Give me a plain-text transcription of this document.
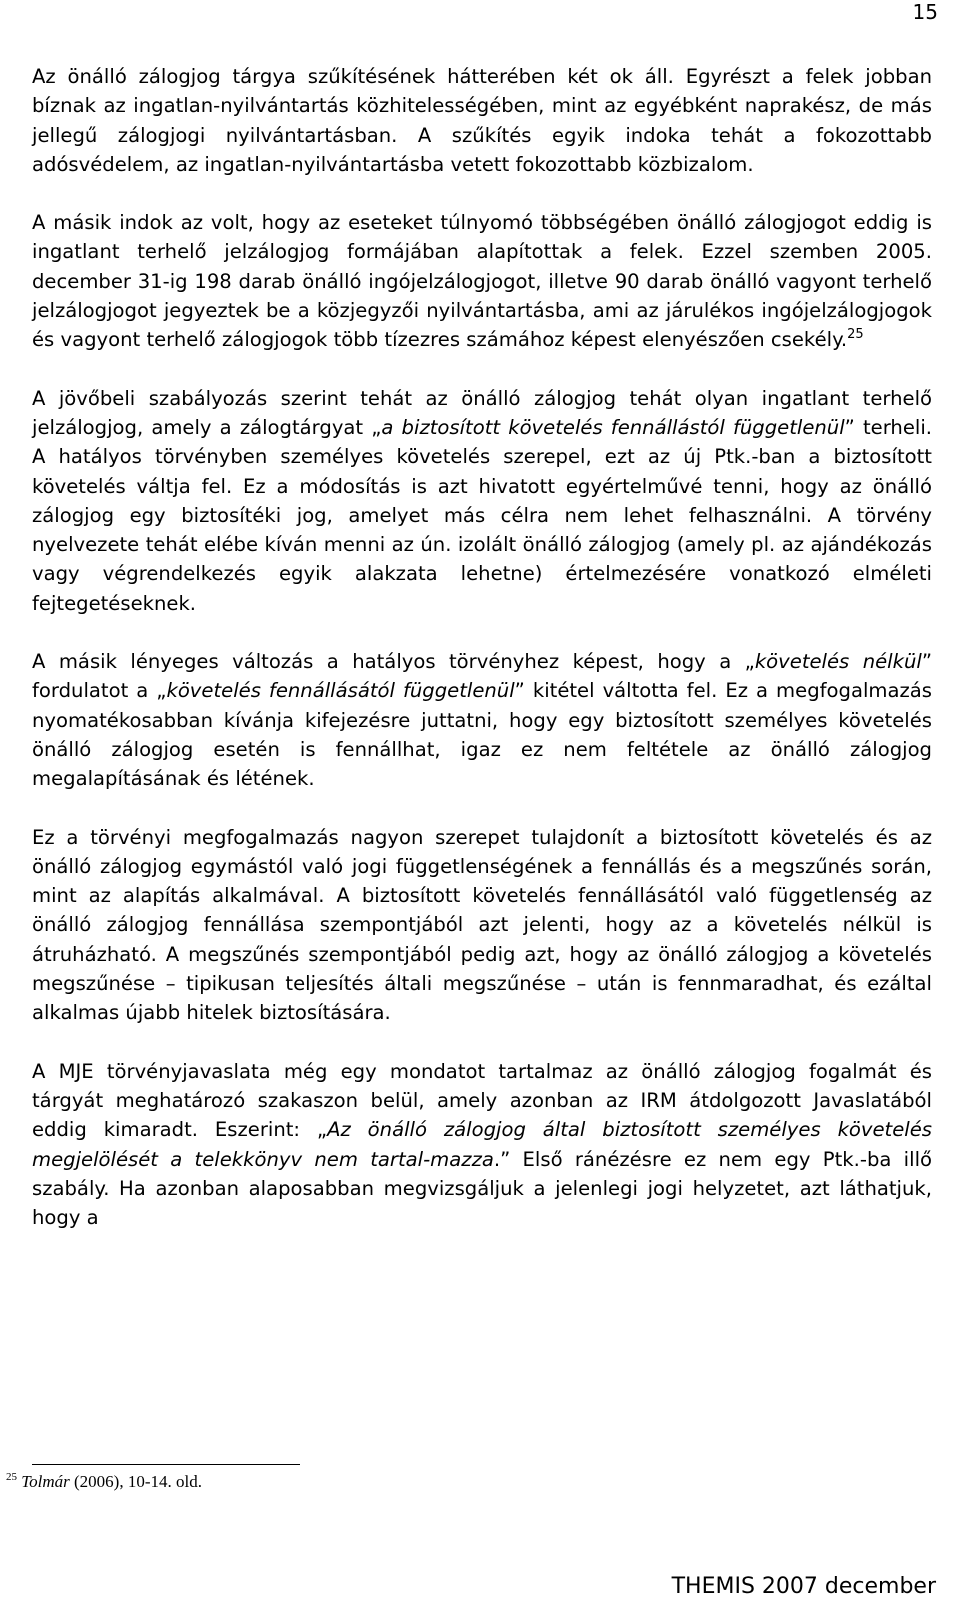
15

Az önálló zálogjog tárgya szűkítésének hátterében két ok áll. Egyrészt a felek jobban bíznak az ingatlan-nyilvántartás közhitelességében, mint az egyébként naprakész, de más jellegű zálogjogi nyilvántartásban. A szűkítés egyik indoka tehát a fokozottabb adósvédelem, az ingatlan-nyilvántartásba vetett fokozottabb közbizalom.

A másik indok az volt, hogy az eseteket túlnyomó többségében önálló zálogjogot eddig is ingatlant terhelő jelzálogjog formájában alapítottak a felek. Ezzel szemben 2005. december 31-ig 198 darab önálló ingójelzálogjogot, illetve 90 darab önálló vagyont terhelő jelzálogjogot jegyeztek be a közjegyzői nyilvántartásba, ami az járulékos ingójelzálogjogok és vagyont terhelő zálogjogok több tízezres számához képest elenyészően csekély.$^{25}$

A jövőbeli szabályozás szerint tehát az önálló zálogjog tehát olyan ingatlant terhelő jelzálogjog, amely a zálogtárgyat „a biztosított követelés fennállástól függetlenül” terheli. A hatályos törvényben személyes követelés szerepel, ezt az új Ptk.-ban a biztosított követelés váltja fel. Ez a módosítás is azt hivatott egyértelművé tenni, hogy az önálló zálogjog egy biztosítéki jog, amelyet más célra nem lehet felhasználni. A törvény nyelvezete tehát elébe kíván menni az ún. izolált önálló zálogjog (amely pl. az ajándékozás vagy végrendelkezés egyik alakzata lehetne) értelmezésére vonatkozó elméleti fejtegetéseknek.

A másik lényeges változás a hatályos törvényhez képest, hogy a „követelés nélkül” fordulatot a „követelés fennállásától függetlenül” kitétel váltotta fel. Ez a megfogalmazás nyomatékosabban kívánja kifejezésre juttatni, hogy egy biztosított személyes követelés önálló zálogjog esetén is fennállhat, igaz ez nem feltétele az önálló zálogjog megalapításának és létének.

Ez a törvényi megfogalmazás nagyon szerepet tulajdonít a biztosított követelés és az önálló zálogjog egymástól való jogi függetlenségének a fennállás és a megszűnés során, mint az alapítás alkalmával. A biztosított követelés fennállásától való függetlenség az önálló zálogjog fennállása szempontjából azt jelenti, hogy az a követelés nélkül is átruházható. A megszűnés szempontjából pedig azt, hogy az önálló zálogjog a követelés megszűnése – tipikusan teljesítés általi megszűnése – után is fennmaradhat, és ezáltal alkalmas újabb hitelek biztosítására.

A MJE törvényjavaslata még egy mondatot tartalmaz az önálló zálogjog fogalmát és tárgyát meghatározó szakaszon belül, amely azonban az IRM átdolgozott Javaslatából eddig kimaradt. Eszerint: „Az önálló zálogjog által biztosított személyes követelés megjelölését a telekkönyv nem tartal-mazza.” Első ránézésre ez nem egy Ptk.-ba illő szabály. Ha azonban alaposabban megvizsgáljuk a jelenlegi jogi helyzetet, azt láthatjuk, hogy a

$^{25}$ Tolmár (2006), 10-14. old.
THEMIS 2007 december
